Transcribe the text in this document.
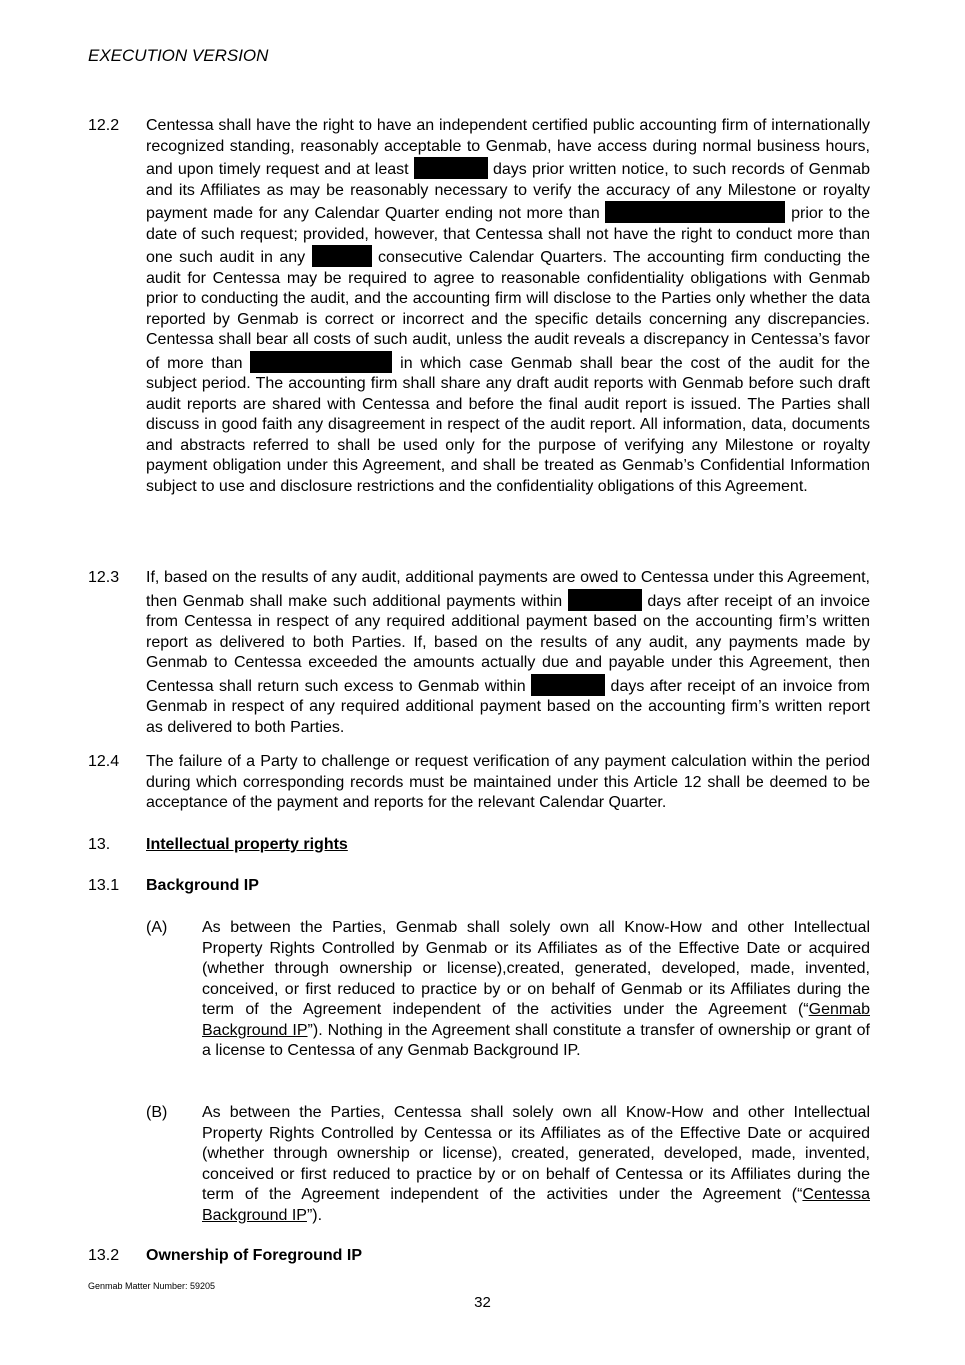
EXECUTION VERSION
12.2 Centessa shall have the right to have an independent certified public accounting firm of internationally recognized standing, reasonably acceptable to Genmab, have access during normal business hours, and upon timely request and at least	days prior written notice, to such records of Genmab and its Affiliates as may be reasonably necessary to verify the accuracy of any Milestone or royalty payment made for any Calendar Quarter ending not more than	prior to the date of such request; provided, however, that Centessa shall not have the right to conduct more than one such audit in any	consecutive Calendar Quarters. The accounting firm conducting the audit for Centessa may be required to agree to reasonable confidentiality obligations with Genmab prior to conducting the audit, and the accounting firm will disclose to the Parties only whether the data reported by Genmab is correct or incorrect and the specific details concerning any discrepancies. Centessa shall bear all costs of such audit, unless the audit reveals a discrepancy in Centessa’s favor of more than	in which case Genmab shall bear the cost of the audit for the subject period. The accounting firm shall share any draft audit reports with Genmab before such draft audit reports are shared with Centessa and before the final audit report is issued. The Parties shall discuss in good faith any disagreement in respect of the audit report. All information, data, documents and abstracts referred to shall be used only for the purpose of verifying any Milestone or royalty payment obligation under this Agreement, and shall be treated as Genmab’s Confidential Information subject to use and disclosure restrictions and the confidentiality obligations of this Agreement.
12.3 If, based on the results of any audit, additional payments are owed to Centessa under this Agreement, then Genmab shall make such additional payments within	days after receipt of an invoice from Centessa in respect of any required additional payment based on the accounting firm’s written report as delivered to both Parties. If, based on the results of any audit, any payments made by Genmab to Centessa exceeded the amounts actually due and payable under this Agreement, then Centessa shall return such excess to Genmab within	days after receipt of an invoice from Genmab in respect of any required additional payment based on the accounting firm’s written report as delivered to both Parties.
12.4 The failure of a Party to challenge or request verification of any payment calculation within the period during which corresponding records must be maintained under this Article 12 shall be deemed to be acceptance of the payment and reports for the relevant Calendar Quarter.
13. Intellectual property rights
13.1 Background IP
(A) As between the Parties, Genmab shall solely own all Know-How and other Intellectual Property Rights Controlled by Genmab or its Affiliates as of the Effective Date or acquired (whether through ownership or license),created, generated, developed, made, invented, conceived, or first reduced to practice by or on behalf of Genmab or its Affiliates during the term of the Agreement independent of the activities under the Agreement (“Genmab Background IP”). Nothing in the Agreement shall constitute a transfer of ownership or grant of a license to Centessa of any Genmab Background IP.
(B) As between the Parties, Centessa shall solely own all Know-How and other Intellectual Property Rights Controlled by Centessa or its Affiliates as of the Effective Date or acquired (whether through ownership or license), created, generated, developed, made, invented, conceived or first reduced to practice by or on behalf of Centessa or its Affiliates during the term of the Agreement independent of the activities under the Agreement (“Centessa Background IP”).
13.2 Ownership of Foreground IP
Genmab Matter Number: 59205
32
